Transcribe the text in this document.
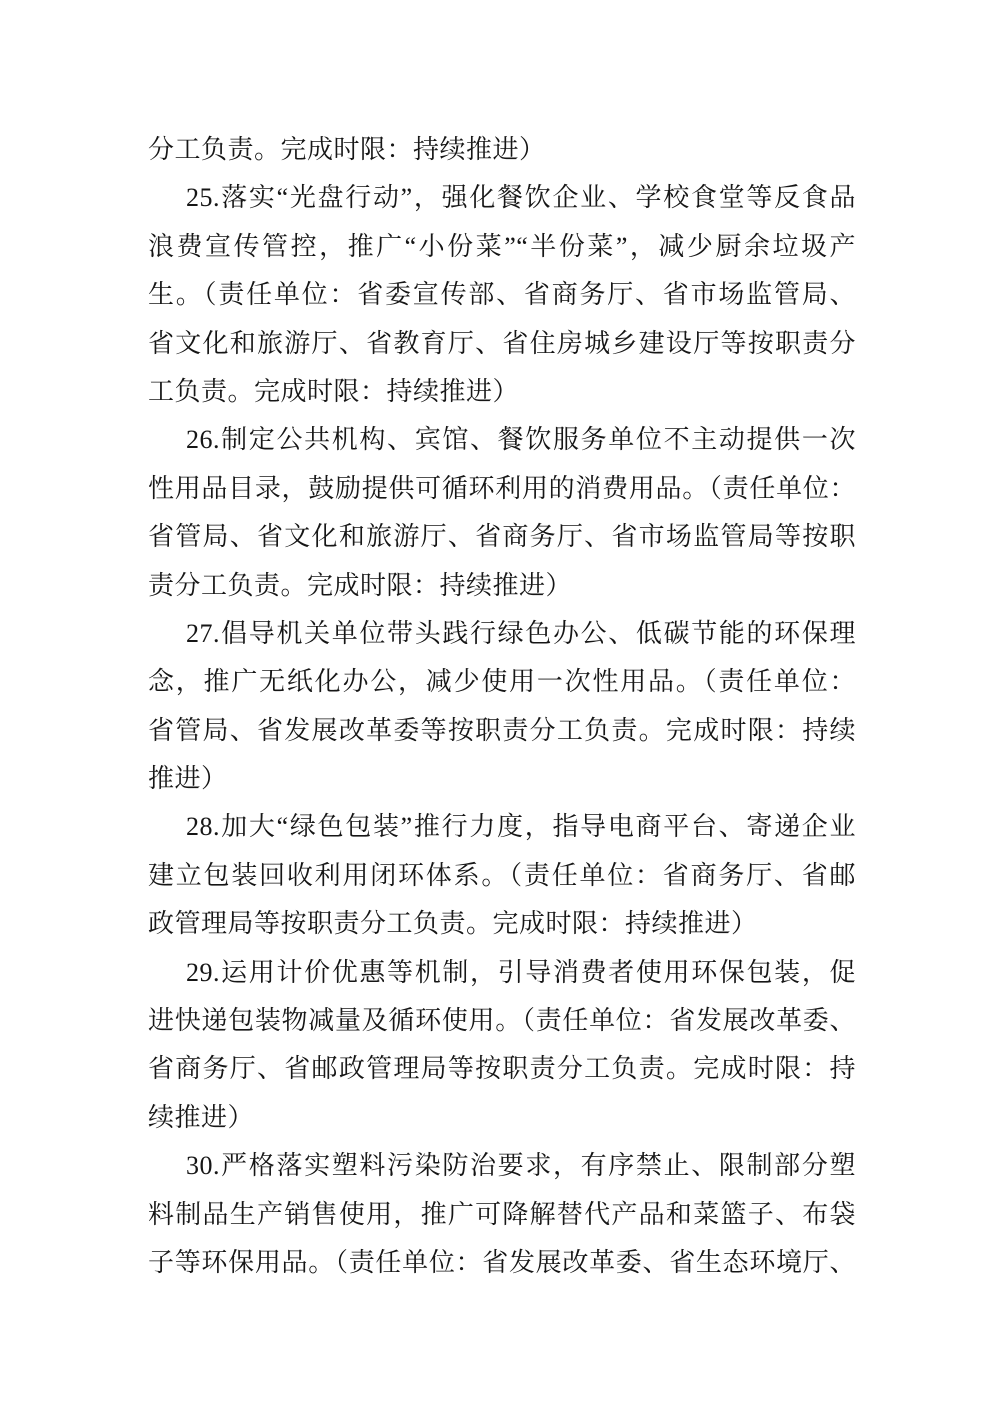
分工负责。完成时限：持续推进）
25.落实“光盘行动”，强化餐饮企业、学校食堂等反食品
浪费宣传管控，推广“小份菜”“半份菜”，减少厨余垃圾产
生。（责任单位：省委宣传部、省商务厅、省市场监管局、
省文化和旅游厅、省教育厅、省住房城乡建设厅等按职责分
工负责。完成时限：持续推进）
26.制定公共机构、宾馆、餐饮服务单位不主动提供一次
性用品目录，鼓励提供可循环利用的消费用品。（责任单位：
省管局、省文化和旅游厅、省商务厅、省市场监管局等按职
责分工负责。完成时限：持续推进）
27.倡导机关单位带头践行绿色办公、低碳节能的环保理
念，推广无纸化办公，减少使用一次性用品。（责任单位：
省管局、省发展改革委等按职责分工负责。完成时限：持续
推进）
28.加大“绿色包装”推行力度，指导电商平台、寄递企业
建立包装回收利用闭环体系。（责任单位：省商务厅、省邮
政管理局等按职责分工负责。完成时限：持续推进）
29.运用计价优惠等机制，引导消费者使用环保包装，促
进快递包装物减量及循环使用。（责任单位：省发展改革委、
省商务厅、省邮政管理局等按职责分工负责。完成时限：持
续推进）
30.严格落实塑料污染防治要求，有序禁止、限制部分塑
料制品生产销售使用，推广可降解替代产品和菜篮子、布袋
子等环保用品。（责任单位：省发展改革委、省生态环境厅、
